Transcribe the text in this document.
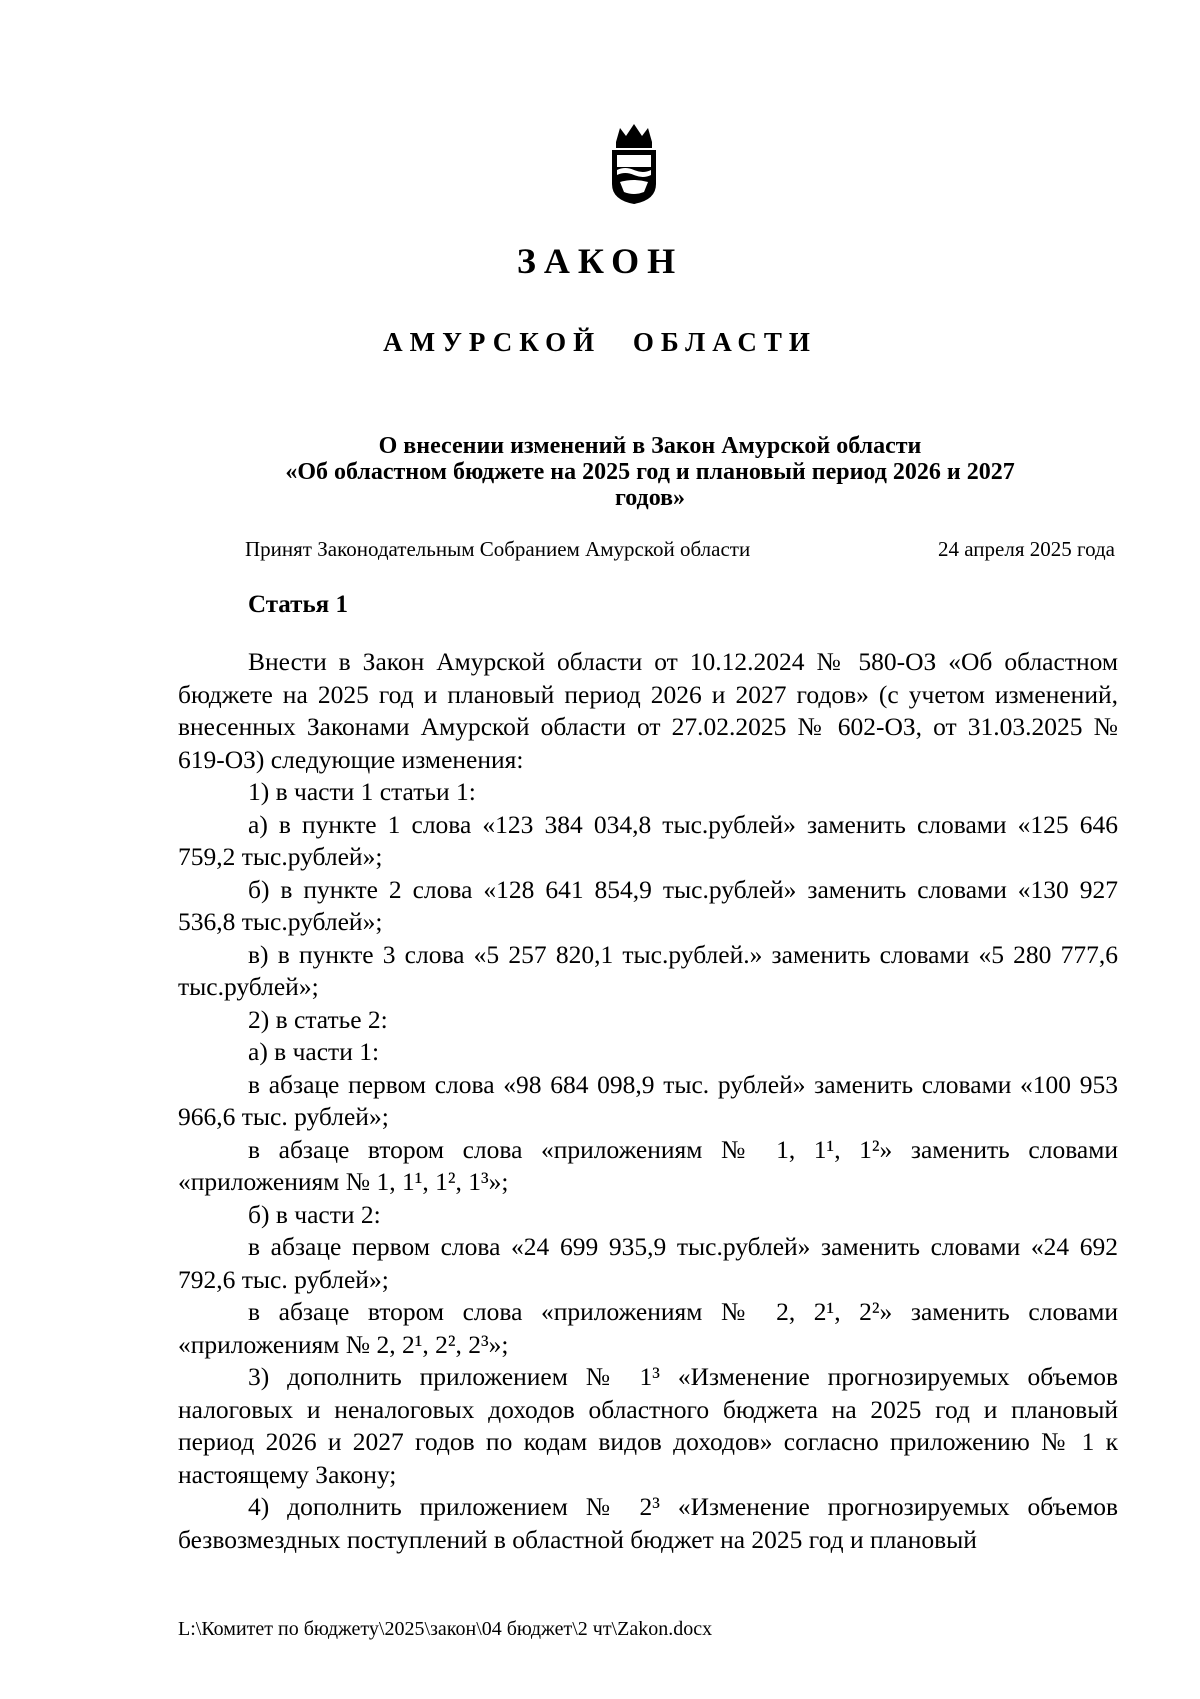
ЗАКОН
АМУРСКОЙ ОБЛАСТИ
О внесении изменений в Закон Амурской области
«Об областном бюджете на 2025 год и плановый период 2026 и 2027
годов»
Принят Законодательным Собранием Амурской области	24 апреля 2025 года
Статья 1

Внести в Закон Амурской области от 10.12.2024 № 580-ОЗ «Об областном бюджете на 2025 год и плановый период 2026 и 2027 годов» (с учетом изменений, внесенных Законами Амурской области от 27.02.2025 № 602-ОЗ, от 31.03.2025 № 619-ОЗ) следующие изменения:

1) в части 1 статьи 1:

а) в пункте 1 слова «123 384 034,8 тыс.рублей» заменить словами «125 646 759,2 тыс.рублей»;

б) в пункте 2 слова «128 641 854,9 тыс.рублей» заменить словами «130 927 536,8 тыс.рублей»;

в) в пункте 3 слова «5 257 820,1 тыс.рублей.» заменить словами «5 280 777,6 тыс.рублей»;

2) в статье 2:

а) в части 1:

в абзаце первом слова «98 684 098,9 тыс. рублей» заменить словами «100 953 966,6 тыс. рублей»;

в абзаце втором слова «приложениям № 1, 1¹, 1²» заменить словами «приложениям № 1, 1¹, 1², 1³»;

б) в части 2:

в абзаце первом слова «24 699 935,9 тыс.рублей» заменить словами «24 692 792,6 тыс. рублей»;

в абзаце втором слова «приложениям № 2, 2¹, 2²» заменить словами «приложениям № 2, 2¹, 2², 2³»;

3) дополнить приложением № 1³ «Изменение прогнозируемых объемов налоговых и неналоговых доходов областного бюджета на 2025 год и плановый период 2026 и 2027 годов по кодам видов доходов» согласно приложению № 1 к настоящему Закону;

4) дополнить приложением № 2³ «Изменение прогнозируемых объемов безвозмездных поступлений в областной бюджет на 2025 год и плановый

L:\Комитет по бюджету\2025\закон\04 бюджет\2 чт\Zakon.docx
